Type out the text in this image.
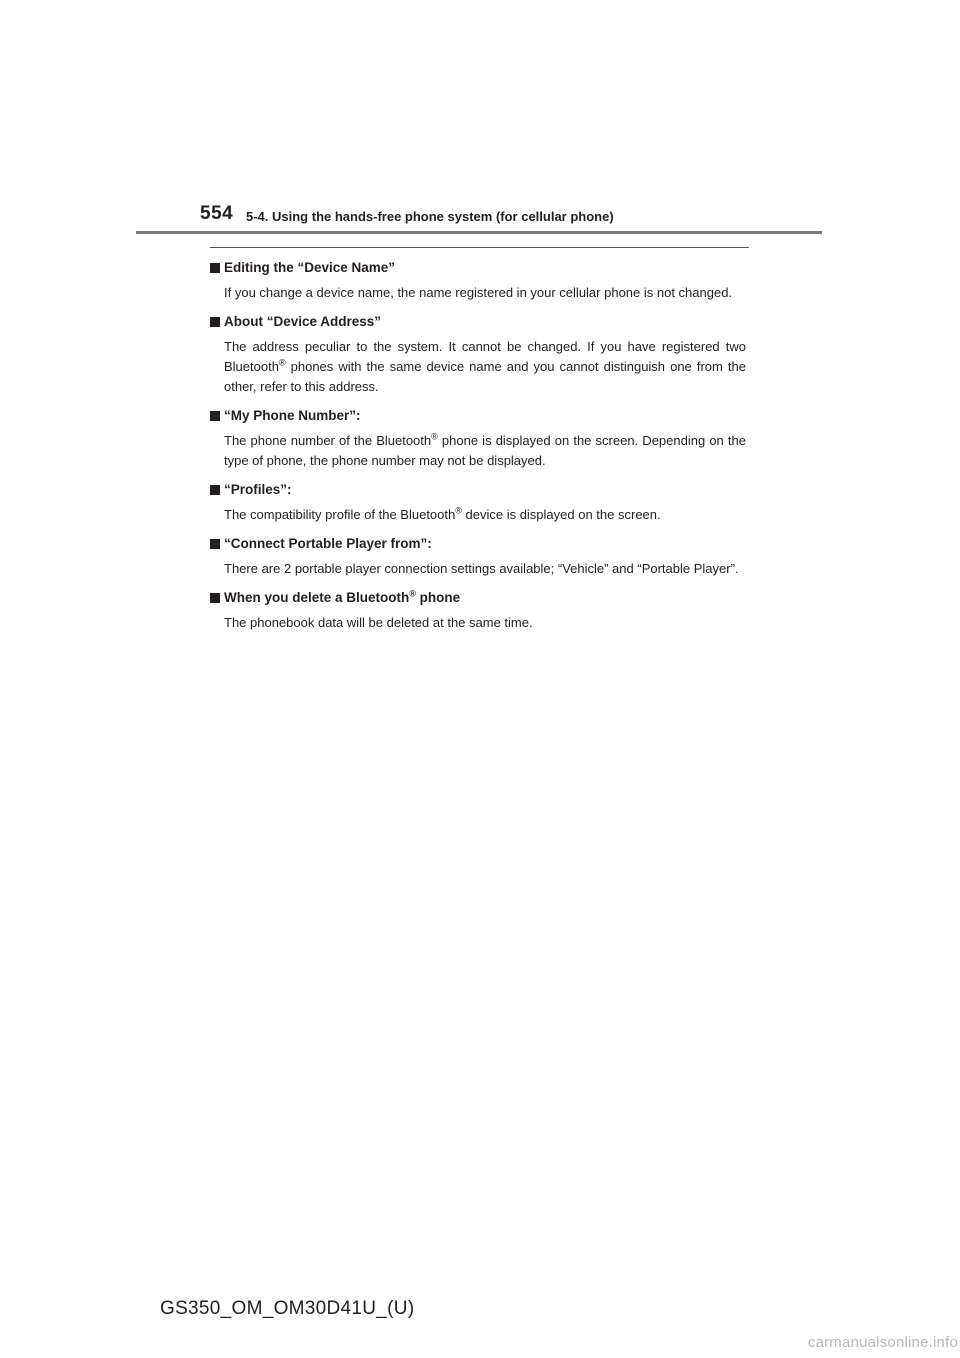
554 5-4. Using the hands-free phone system (for cellular phone)
Editing the “Device Name”
If you change a device name, the name registered in your cellular phone is not changed.
About “Device Address”
The address peculiar to the system. It cannot be changed. If you have registered two Bluetooth® phones with the same device name and you cannot distinguish one from the other, refer to this address.
“My Phone Number”:
The phone number of the Bluetooth® phone is displayed on the screen. Depending on the type of phone, the phone number may not be displayed.
“Profiles”:
The compatibility profile of the Bluetooth® device is displayed on the screen.
“Connect Portable Player from”:
There are 2 portable player connection settings available; “Vehicle” and “Portable Player”.
When you delete a Bluetooth® phone
The phonebook data will be deleted at the same time.
GS350_OM_OM30D41U_(U)
carmanualsonline.info
